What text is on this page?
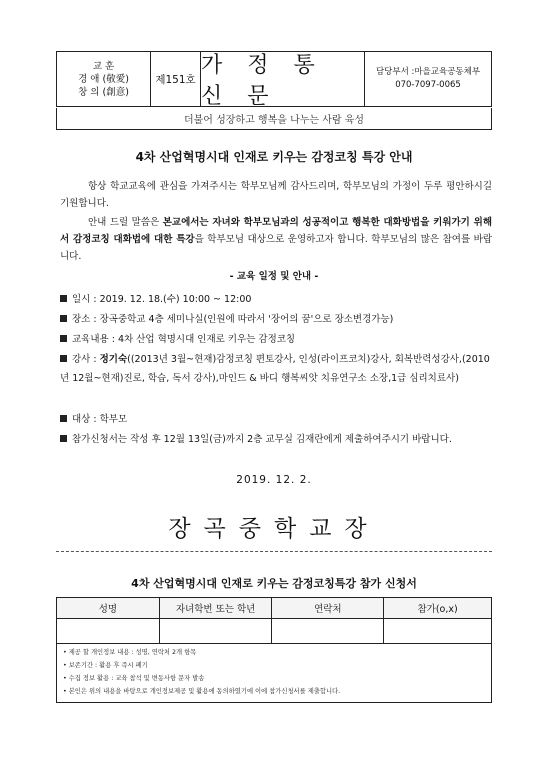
교 훈
경 애 (敬愛)
창 의 (創意)
제151호
가 정 통 신 문
담당부서 :마을교육공동체부
070-7097-0065
더불어 성장하고 행복을 나누는 사람 육성
4차 산업혁명시대 인재로 키우는 감정코칭 특강 안내
항상 학교교육에 관심을 가져주시는 학부모님께 감사드리며, 학부모님의 가정이 두루 평안하시길 기원합니다.
안내 드릴 말씀은 본교에서는 자녀와 학부모님과의 성공적이고 행복한 대화방법을 키워가기 위해서 감정코칭 대화법에 대한 특강을 학부모님 대상으로 운영하고자 합니다. 학부모님의 많은 참여를 바랍니다.
- 교육 일정 및 안내 -
일시 : 2019. 12. 18.(수) 10:00 ~ 12:00
장소 : 장곡중학교 4층 세미나실(인원에 따라서 '장어의 꿈'으로 장소변경가능)
교육내용 : 4차 산업 혁명시대 인재로 키우는 감정코칭
강사 : 정기숙((2013년 3월~현재)감정코칭 편토강사, 인성(라이프코치)강사, 회복반력성강사,(2010년 12월~현재)진로, 학습, 독서 강사),마인드 & 바디 행복씨앗 치유연구소 소장,1급 심리치료사)
대상 : 학부모
참가신청서는 작성 후 12월 13일(금)까지 2층 교무실 김재란에게 제출하여주시기 바랍니다.
2019. 12. 2.
장곡중학교장
4차 산업혁명시대 인재로 키우는 감정코칭특강 참가 신청서
성명	자녀학번 또는 학년	연락처	참가(o,x)

• 제공 할 개인정보 내용 : 성명, 연락처 2개 항목
• 보존기간 : 활용 후 즉시 폐기
• 수집 정보 활용 : 교육 참석 및 변동사항 문자 발송
• 본인은 위의 내용을 바탕으로 개인정보제공 및 활용에 동의하였기에 이에 참가신청서를 제출합니다.
